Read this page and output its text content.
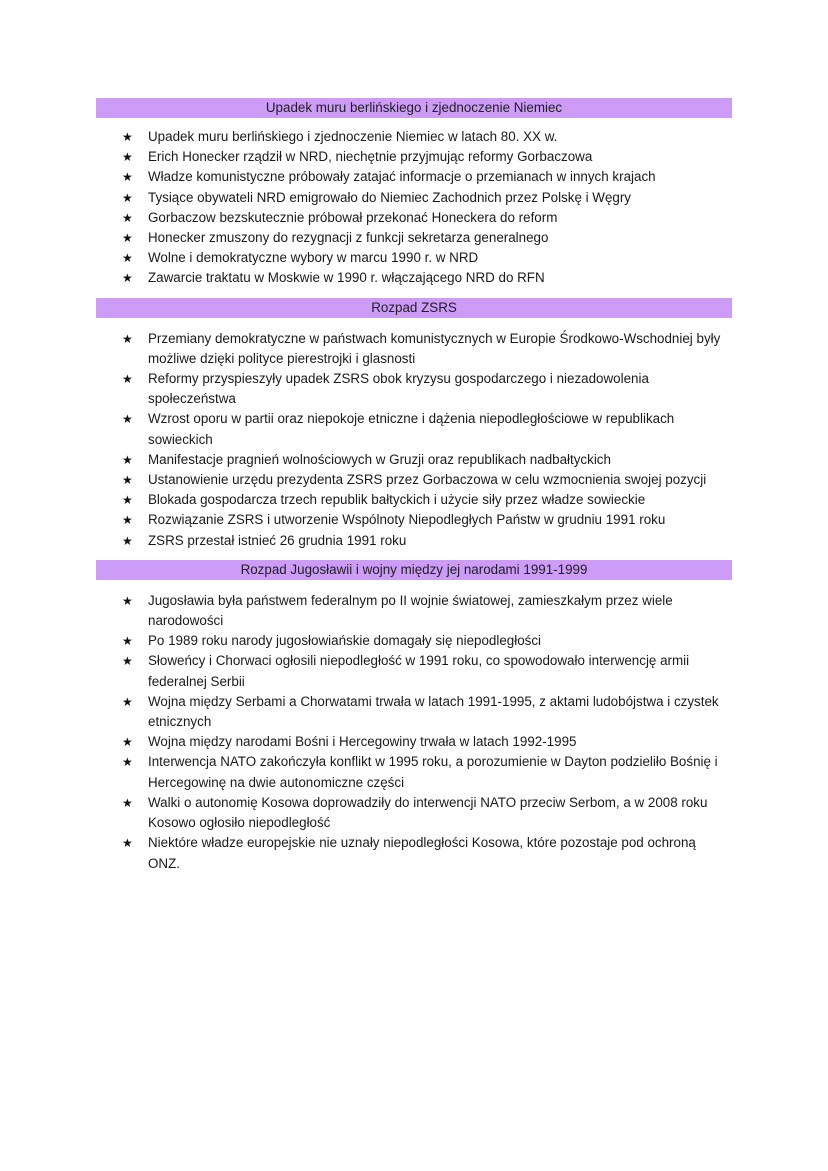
Upadek muru berlińskiego i zjednoczenie Niemiec
★ Upadek muru berlińskiego i zjednoczenie Niemiec w latach 80. XX w.
★ Erich Honecker rządził w NRD, niechętnie przyjmując reformy Gorbaczowa
★ Władze komunistyczne próbowały zatajać informacje o przemianach w innych krajach
★ Tysiące obywateli NRD emigrowało do Niemiec Zachodnich przez Polskę i Węgry
★ Gorbaczow bezskutecznie próbował przekonać Honeckera do reform
★ Honecker zmuszony do rezygnacji z funkcji sekretarza generalnego
★ Wolne i demokratyczne wybory w marcu 1990 r. w NRD
★ Zawarcie traktatu w Moskwie w 1990 r. włączającego NRD do RFN
Rozpad ZSRS
★ Przemiany demokratyczne w państwach komunistycznych w Europie Środkowo-Wschodniej były możliwe dzięki polityce pierestrojki i glasnosti
★ Reformy przyspieszyły upadek ZSRS obok kryzysu gospodarczego i niezadowolenia społeczeństwa
★ Wzrost oporu w partii oraz niepokoje etniczne i dążenia niepodległościowe w republikach sowieckich
★ Manifestacje pragnień wolnościowych w Gruzji oraz republikach nadbałtyckich
★ Ustanowienie urzędu prezydenta ZSRS przez Gorbaczowa w celu wzmocnienia swojej pozycji
★ Blokada gospodarcza trzech republik bałtyckich i użycie siły przez władze sowieckie
★ Rozwiązanie ZSRS i utworzenie Wspólnoty Niepodległych Państw w grudniu 1991 roku
★ ZSRS przestał istnieć 26 grudnia 1991 roku
Rozpad Jugosławii i wojny między jej narodami 1991-1999
★ Jugosławia była państwem federalnym po II wojnie światowej, zamieszkałym przez wiele narodowości
★ Po 1989 roku narody jugosłowiańskie domagały się niepodległości
★ Słoweńcy i Chorwaci ogłosili niepodległość w 1991 roku, co spowodowało interwencję armii federalnej Serbii
★ Wojna między Serbami a Chorwatami trwała w latach 1991-1995, z aktami ludobójstwa i czystek etnicznych
★ Wojna między narodami Bośni i Hercegowiny trwała w latach 1992-1995
★ Interwencja NATO zakończyła konflikt w 1995 roku, a porozumienie w Dayton podzieliło Bośnię i Hercegowinę na dwie autonomiczne części
★ Walki o autonomię Kosowa doprowadziły do interwencji NATO przeciw Serbom, a w 2008 roku Kosowo ogłosiło niepodległość
★ Niektóre władze europejskie nie uznały niepodległości Kosowa, które pozostaje pod ochroną ONZ.
